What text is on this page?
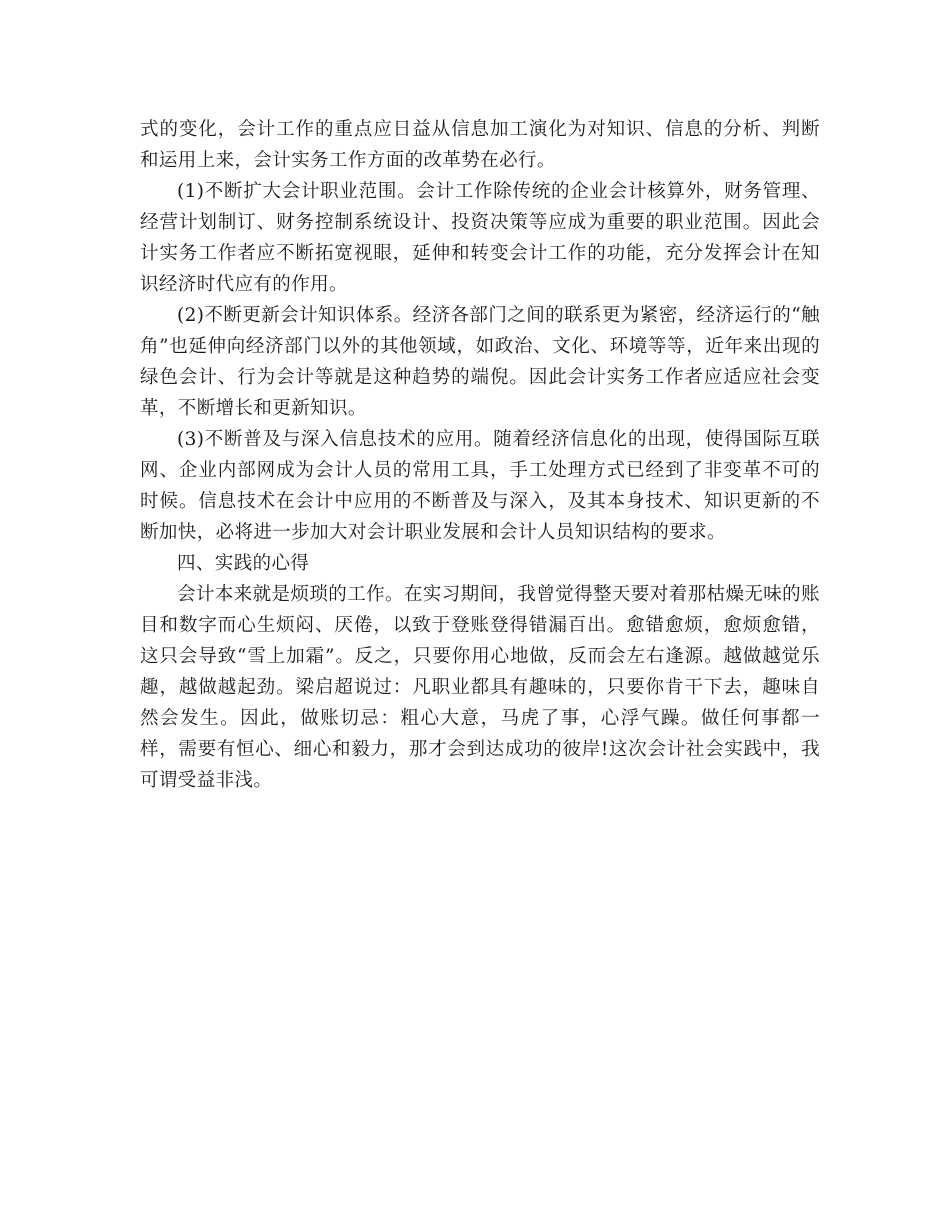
式的变化，会计工作的重点应日益从信息加工演化为对知识、信息的分析、判断和运用上来，会计实务工作方面的改革势在必行。

(1)不断扩大会计职业范围。会计工作除传统的企业会计核算外，财务管理、经营计划制订、财务控制系统设计、投资决策等应成为重要的职业范围。因此会计实务工作者应不断拓宽视眼，延伸和转变会计工作的功能，充分发挥会计在知识经济时代应有的作用。

(2)不断更新会计知识体系。经济各部门之间的联系更为紧密，经济运行的“触角”也延伸向经济部门以外的其他领域，如政治、文化、环境等等，近年来出现的绿色会计、行为会计等就是这种趋势的端倪。因此会计实务工作者应适应社会变革，不断增长和更新知识。

(3)不断普及与深入信息技术的应用。随着经济信息化的出现，使得国际互联网、企业内部网成为会计人员的常用工具，手工处理方式已经到了非变革不可的时候。信息技术在会计中应用的不断普及与深入，及其本身技术、知识更新的不断加快，必将进一步加大对会计职业发展和会计人员知识结构的要求。

四、实践的心得

会计本来就是烦琐的工作。在实习期间，我曾觉得整天要对着那枯燥无味的账目和数字而心生烦闷、厌倦，以致于登账登得错漏百出。愈错愈烦，愈烦愈错，这只会导致“雪上加霜”。反之，只要你用心地做，反而会左右逢源。越做越觉乐趣，越做越起劲。梁启超说过：凡职业都具有趣味的，只要你肯干下去，趣味自然会发生。因此，做账切忌：粗心大意，马虎了事，心浮气躁。做任何事都一样，需要有恒心、细心和毅力，那才会到达成功的彼岸!这次会计社会实践中，我可谓受益非浅。
